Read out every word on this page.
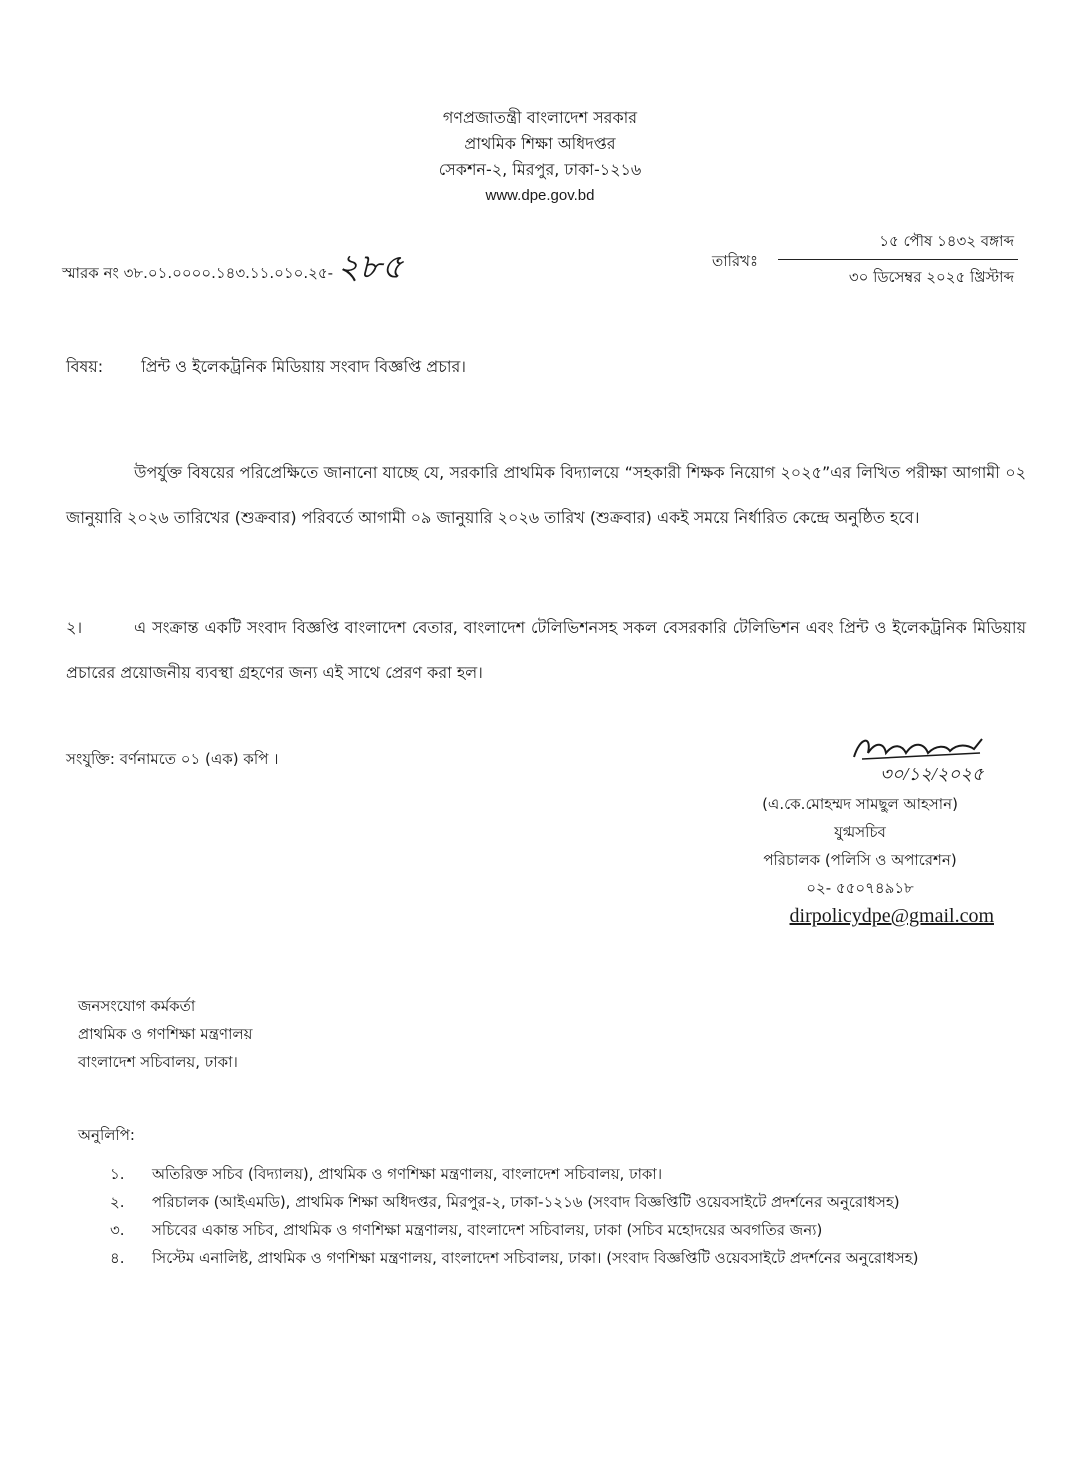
গণপ্রজাতন্ত্রী বাংলাদেশ সরকার
প্রাথমিক শিক্ষা অধিদপ্তর
সেকশন-২, মিরপুর, ঢাকা-১২১৬
www.dpe.gov.bd
স্মারক নং ৩৮.০১.০০০০.১৪৩.১১.০১০.২৫- ২৮৫	তারিখঃ
১৫ পৌষ ১৪৩২ বঙ্গাব্দ
৩০ ডিসেম্বর ২০২৫ খ্রিস্টাব্দ
বিষয়: প্রিন্ট ও ইলেকট্রনিক মিডিয়ায় সংবাদ বিজ্ঞপ্তি প্রচার।
উপর্যুক্ত বিষয়ের পরিপ্রেক্ষিতে জানানো যাচ্ছে যে, সরকারি প্রাথমিক বিদ্যালয়ে “সহকারী শিক্ষক নিয়োগ ২০২৫”এর লিখিত পরীক্ষা আগামী ০২ জানুয়ারি ২০২৬ তারিখের (শুক্রবার) পরিবর্তে আগামী ০৯ জানুয়ারি ২০২৬ তারিখ (শুক্রবার) একই সময়ে নির্ধারিত কেন্দ্রে অনুষ্ঠিত হবে।
২।	এ সংক্রান্ত একটি সংবাদ বিজ্ঞপ্তি বাংলাদেশ বেতার, বাংলাদেশ টেলিভিশনসহ সকল বেসরকারি টেলিভিশন এবং প্রিন্ট ও ইলেকট্রনিক মিডিয়ায় প্রচারের প্রয়োজনীয় ব্যবস্থা গ্রহণের জন্য এই সাথে প্রেরণ করা হল।
সংযুক্তি: বর্ণনামতে ০১ (এক) কপি ।
৩০/১২/২০২৫
(এ.কে.মোহম্মদ সামছুল আহসান)
যুগ্মসচিব
পরিচালক (পলিসি ও অপারেশন)
০২- ৫৫০৭৪৯১৮
dirpolicydpe@gmail.com
জনসংযোগ কর্মকর্তা
প্রাথমিক ও গণশিক্ষা মন্ত্রণালয়
বাংলাদেশ সচিবালয়, ঢাকা।
অনুলিপি:
১.	অতিরিক্ত সচিব (বিদ্যালয়), প্রাথমিক ও গণশিক্ষা মন্ত্রণালয়, বাংলাদেশ সচিবালয়, ঢাকা।
২.	পরিচালক (আইএমডি), প্রাথমিক শিক্ষা অধিদপ্তর, মিরপুর-২, ঢাকা-১২১৬ (সংবাদ বিজ্ঞপ্তিটি ওয়েবসাইটে প্রদর্শনের অনুরোধসহ)
৩.	সচিবের একান্ত সচিব, প্রাথমিক ও গণশিক্ষা মন্ত্রণালয়, বাংলাদেশ সচিবালয়, ঢাকা (সচিব মহোদয়ের অবগতির জন্য)
৪.	সিস্টেম এনালিষ্ট, প্রাথমিক ও গণশিক্ষা মন্ত্রণালয়, বাংলাদেশ সচিবালয়, ঢাকা। (সংবাদ বিজ্ঞপ্তিটি ওয়েবসাইটে প্রদর্শনের অনুরোধসহ)
